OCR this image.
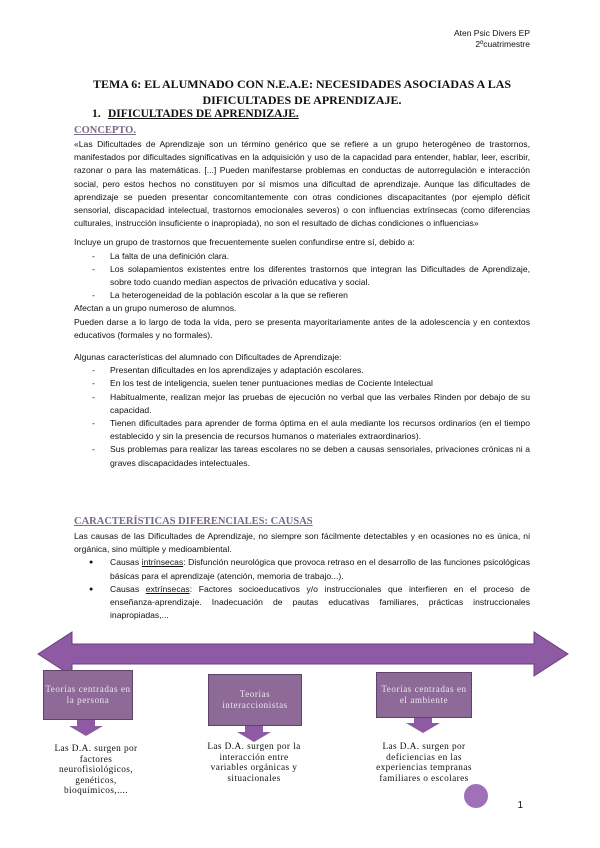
Aten Psic Divers EP
2ºcuatrimestre
TEMA 6: EL ALUMNADO CON N.E.A.E: NECESIDADES ASOCIADAS A LAS DIFICULTADES DE APRENDIZAJE.
1. DIFICULTADES DE APRENDIZAJE.
CONCEPTO.

«Las Dificultades de Aprendizaje son un término genérico que se refiere a un grupo heterogéneo de trastornos, manifestados por dificultades significativas en la adquisición y uso de la capacidad para entender, hablar, leer, escribir, razonar o para las matemáticas. [...] Pueden manifestarse problemas en conductas de autorregulación e interacción social, pero estos hechos no constituyen por sí mismos una dificultad de aprendizaje. Aunque las dificultades de aprendizaje se pueden presentar concomitantemente con otras condiciones discapacitantes (por ejemplo déficit sensorial, discapacidad intelectual, trastornos emocionales severos) o con influencias extrínsecas (como diferencias culturales, instrucción insuficiente o inapropiada), no son el resultado de dichas condiciones o influencias»

Incluye un grupo de trastornos que frecuentemente suelen confundirse entre sí, debido a:

- La falta de una definición clara.
- Los solapamientos existentes entre los diferentes trastornos que integran las Dificultades de Aprendizaje, sobre todo cuando median aspectos de privación educativa y social.
- La heterogeneidad de la población escolar a la que se refieren

Afectan a un grupo numeroso de alumnos.

Pueden darse a lo largo de toda la vida, pero se presenta mayoritariamente antes de la adolescencia y en contextos educativos (formales y no formales).

Algunas características del alumnado con Dificultades de Aprendizaje:

- Presentan dificultades en los aprendizajes y adaptación escolares.
- En los test de inteligencia, suelen tener puntuaciones medias de Cociente Intelectual
- Habitualmente, realizan mejor las pruebas de ejecución no verbal que las verbales Rinden por debajo de su capacidad.
- Tienen dificultades para aprender de forma óptima en el aula mediante los recursos ordinarios (en el tiempo establecido y sin la presencia de recursos humanos o materiales extraordinarios).
- Sus problemas para realizar las tareas escolares no se deben a causas sensoriales, privaciones crónicas ni a graves discapacidades intelectuales.
CARACTERÍSTICAS DIFERENCIALES: CAUSAS

Las causas de las Dificultades de Aprendizaje, no siempre son fácilmente detectables y en ocasiones no es única, ni orgánica, sino múltiple y medioambiental.

● Causas intrínsecas: Disfunción neurológica que provoca retraso en el desarrollo de las funciones psicológicas básicas para el aprendizaje (atención, memoria de trabajo...).
● Causas extrínsecas: Factores socioeducativos y/o instruccionales que interfieren en el proceso de enseñanza-aprendizaje. Inadecuación de pautas educativas familiares, prácticas instruccionales inapropiadas,...
Teorías centradas en la persona
Teorías interaccionistas
Teorías centradas en el ambiente
Las D.A. surgen por factores neurofisiológicos, genéticos, bioquímicos,....
Las D.A. surgen por la interacción entre variables orgánicas y situacionales
Las D.A. surgen por deficiencias en las experiencias tempranas familiares o escolares
1
